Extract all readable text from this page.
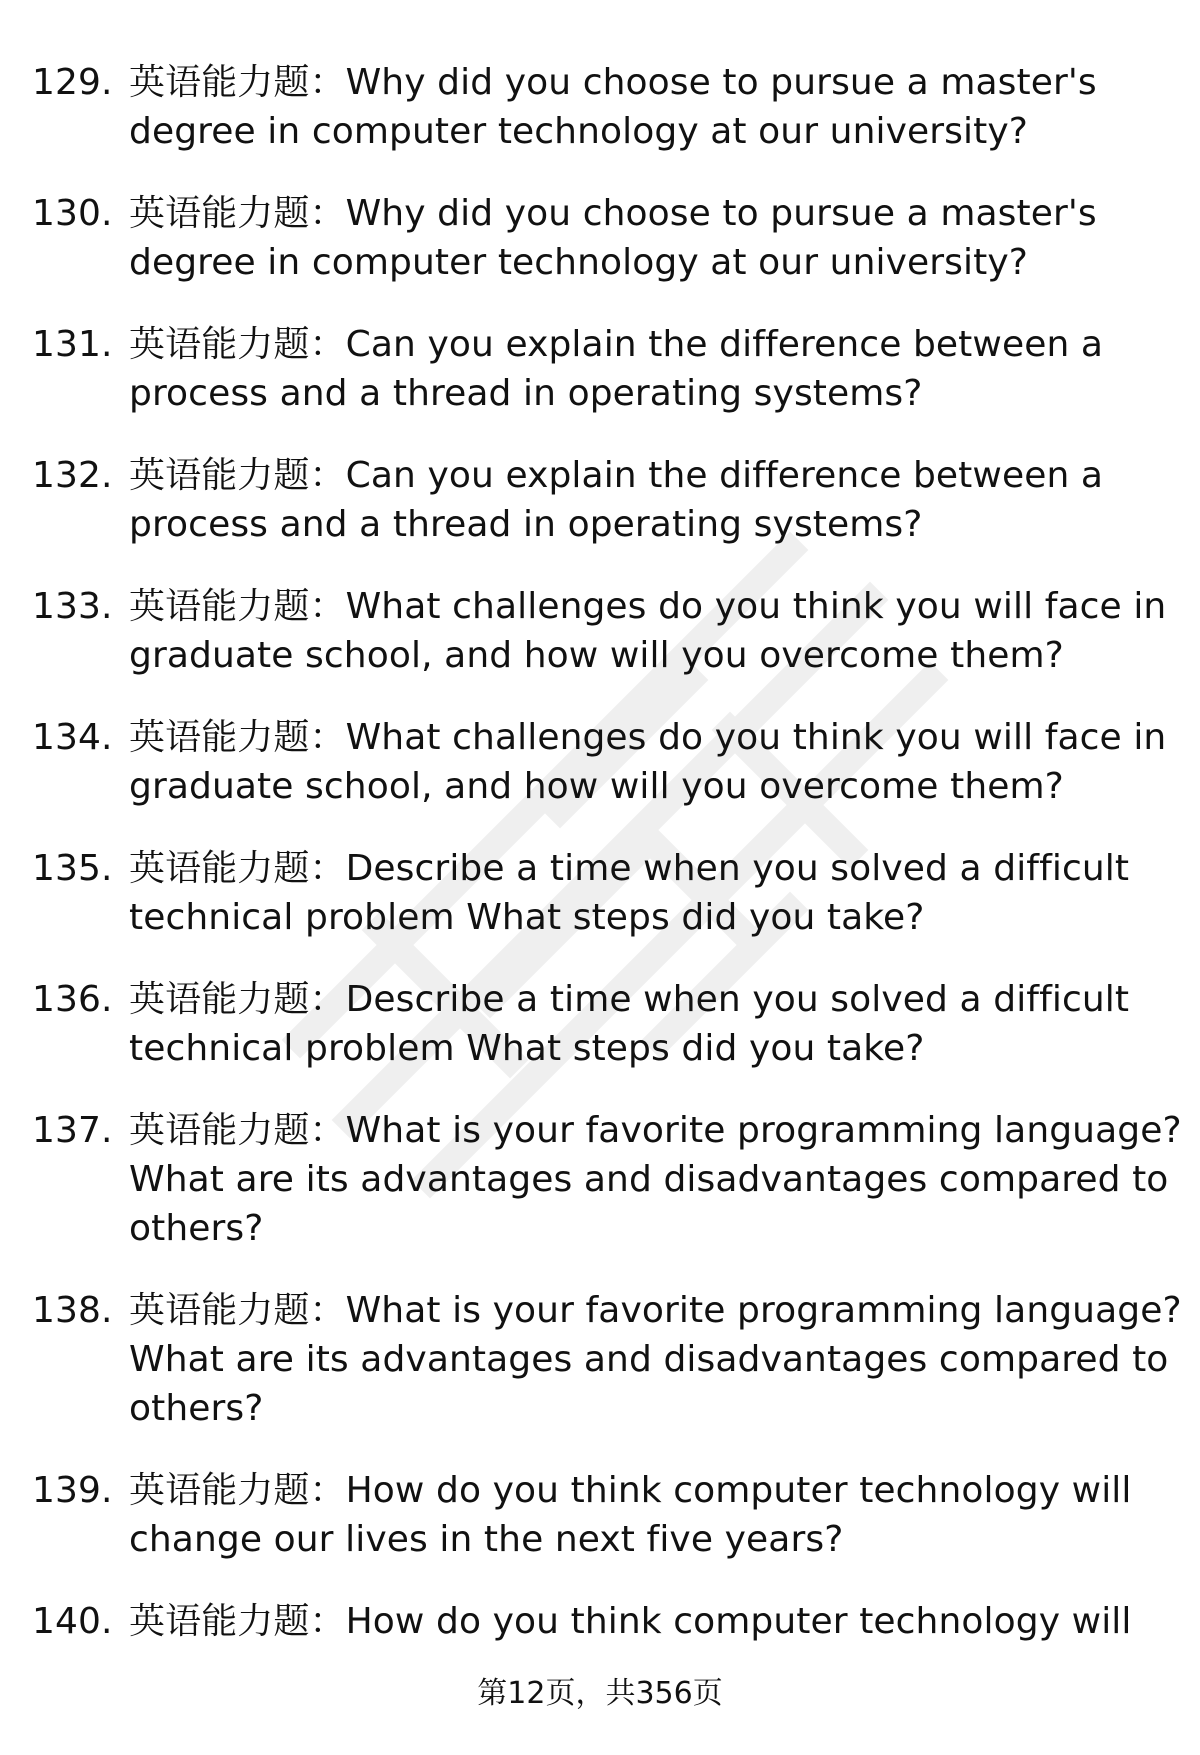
129. 英语能力题：Why did you choose to pursue a master's degree in computer technology at our university?
130. 英语能力题：Why did you choose to pursue a master's degree in computer technology at our university?
131. 英语能力题：Can you explain the difference between a process and a thread in operating systems?
132. 英语能力题：Can you explain the difference between a process and a thread in operating systems?
133. 英语能力题：What challenges do you think you will face in graduate school, and how will you overcome them?
134. 英语能力题：What challenges do you think you will face in graduate school, and how will you overcome them?
135. 英语能力题：Describe a time when you solved a difficult technical problem What steps did you take?
136. 英语能力题：Describe a time when you solved a difficult technical problem What steps did you take?
137. 英语能力题：What is your favorite programming language? What are its advantages and disadvantages compared to others?
138. 英语能力题：What is your favorite programming language? What are its advantages and disadvantages compared to others?
139. 英语能力题：How do you think computer technology will change our lives in the next five years?
140. 英语能力题：How do you think computer technology will
第12页，共356页
